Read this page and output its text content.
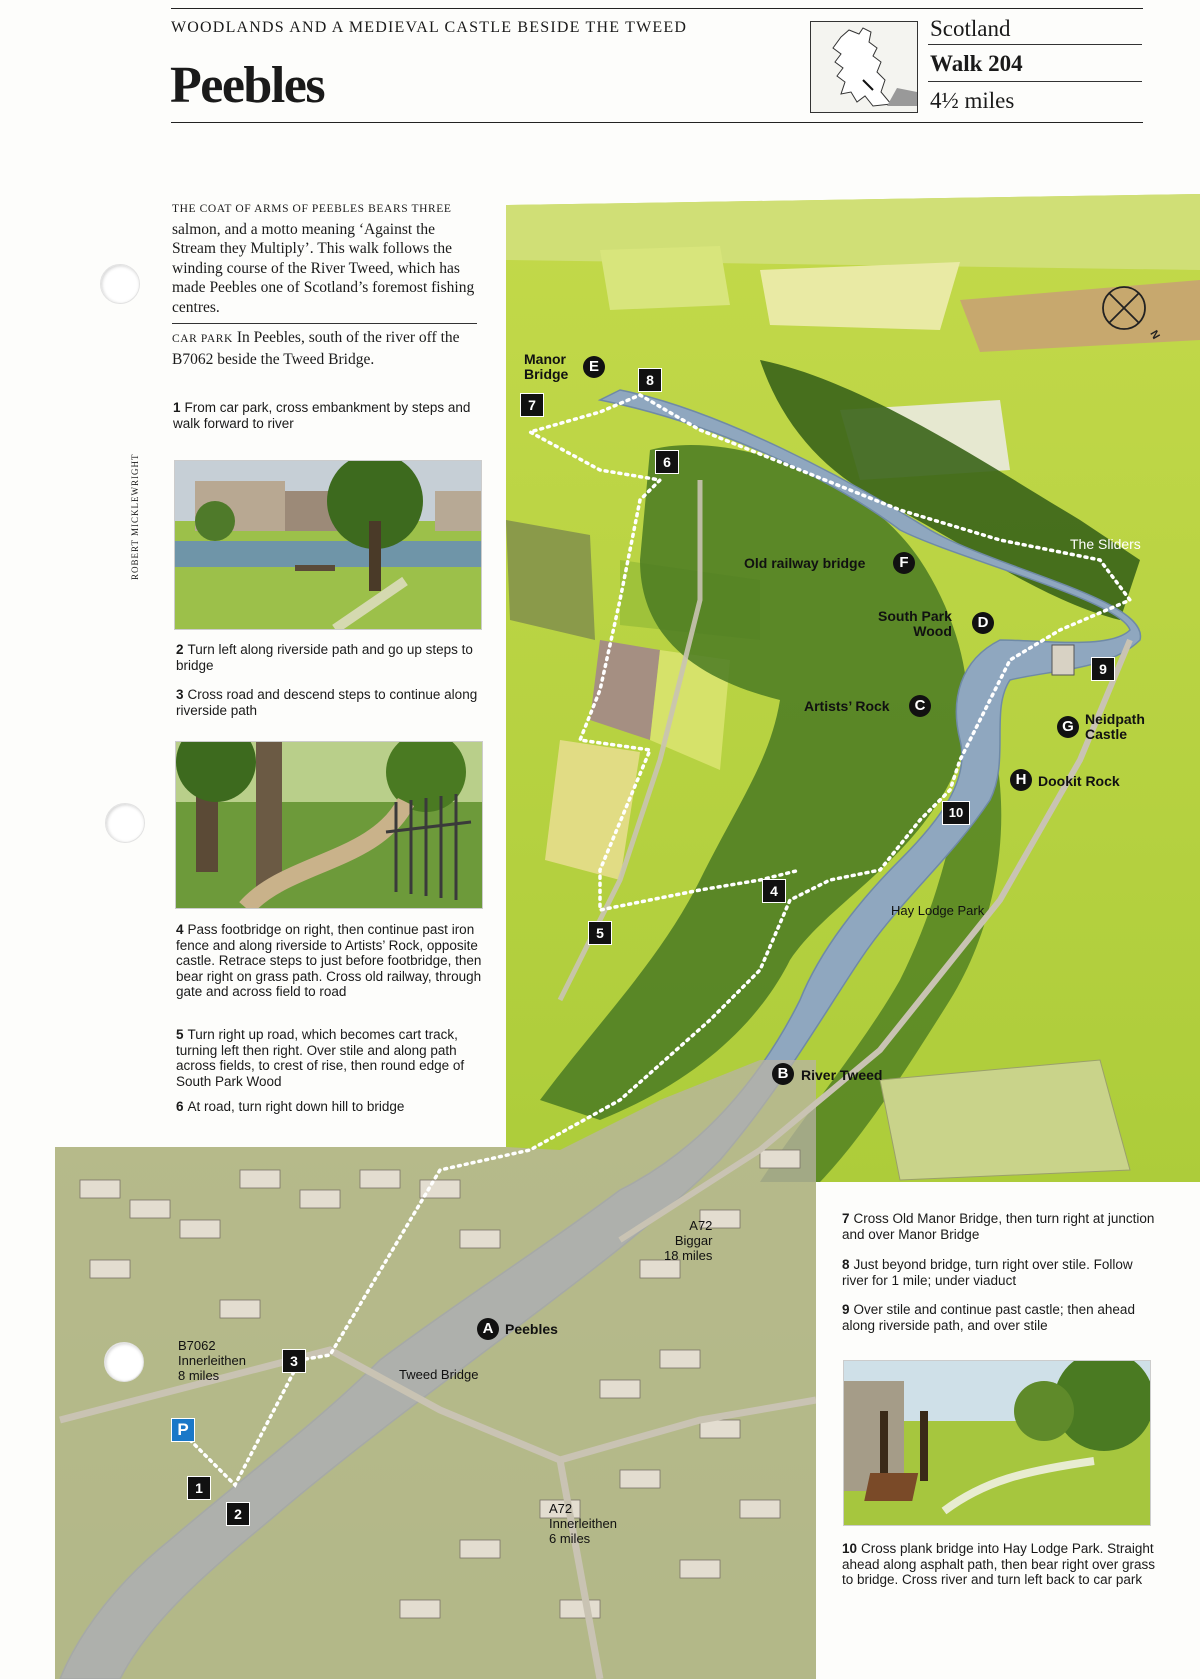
N
WOODLANDS AND A MEDIEVAL CASTLE BESIDE THE TWEED
Peebles
Scotland
Walk 204
4½ miles
ROBERT MICKLEWRIGHT
THE COAT OF ARMS OF PEEBLES BEARS THREE salmon, and a motto meaning ‘Against the Stream they Multiply’. This walk follows the winding course of the River Tweed, which has made Peebles one of Scotland’s foremost fishing centres.
CAR PARK In Peebles, south of the river off the B7062 beside the Tweed Bridge.
1 From car park, cross embankment by steps and walk forward to river
2 Turn left along riverside path and go up steps to bridge
3 Cross road and descend steps to continue along riverside path
4 Pass footbridge on right, then continue past iron fence and along riverside to Artists’ Rock, opposite castle. Retrace steps to just before footbridge, then bear right on grass path. Cross old railway, through gate and across field to road
5 Turn right up road, which becomes cart track, turning left then right. Over stile and along path across fields, to crest of rise, then round edge of South Park Wood
6 At road, turn right down hill to bridge
7 Cross Old Manor Bridge, then turn right at junction and over Manor Bridge
8 Just beyond bridge, turn right over stile. Follow river for 1 mile; under viaduct
9 Over stile and continue past castle; then ahead along riverside path, and over stile
10 Cross plank bridge into Hay Lodge Park. Straight ahead along asphalt path, then bear right over grass to bridge. Cross river and turn left back to car park
Manor
Bridge	E
8
7
6
The Sliders
Old railway bridge	F
South Park
Wood	D
9
Artists’ Rock	C
G Neidpath
Castle
H Dookit Rock
10
4
Hay Lodge Park
5
B River Tweed
A72
Biggar
18 miles
A Peebles
B7062
Innerleithen
8 miles
3
Tweed Bridge
P
1
2	A72
Innerleithen
6 miles
